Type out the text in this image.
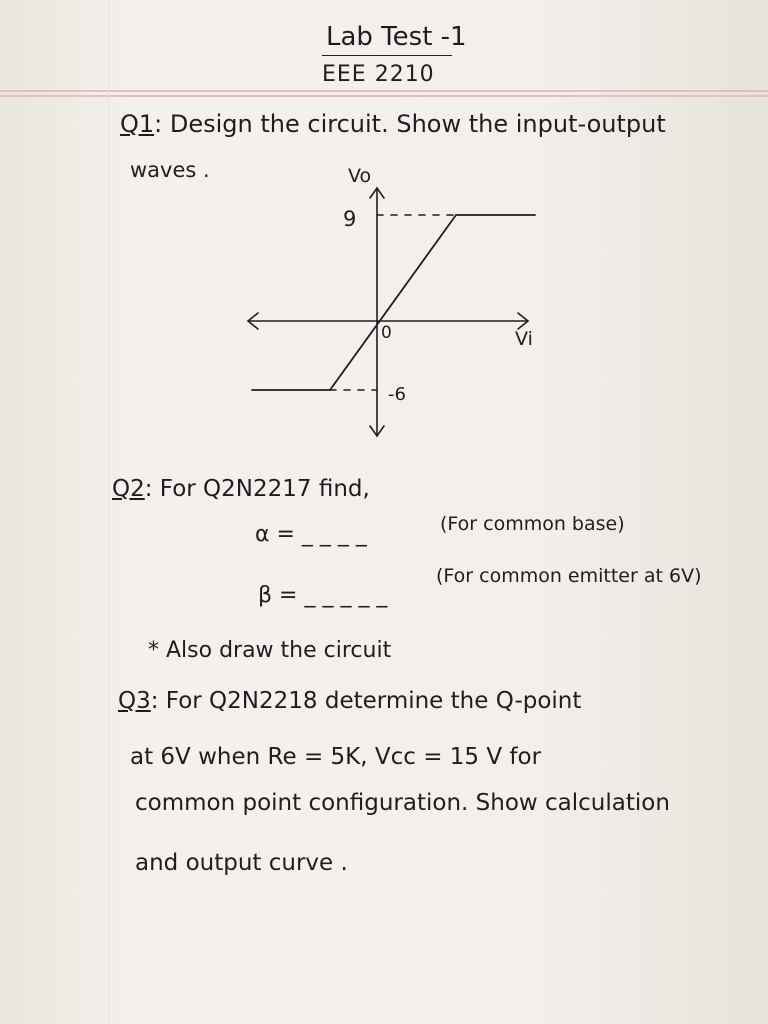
Lab Test -1
EEE 2210
Q1: Design the circuit. Show the input-output
waves .	Vo
Vi
0
9
-6
Q2: For Q2N2217 find,
α = _ _ _ _	(For common base)
β = _ _ _ _ _
(For common emitter at 6V)
* Also draw the circuit
Q3: For Q2N2218 determine the Q-point
at 6V when Re = 5K, Vcc = 15 V for
common point configuration. Show calculation
and output curve .
